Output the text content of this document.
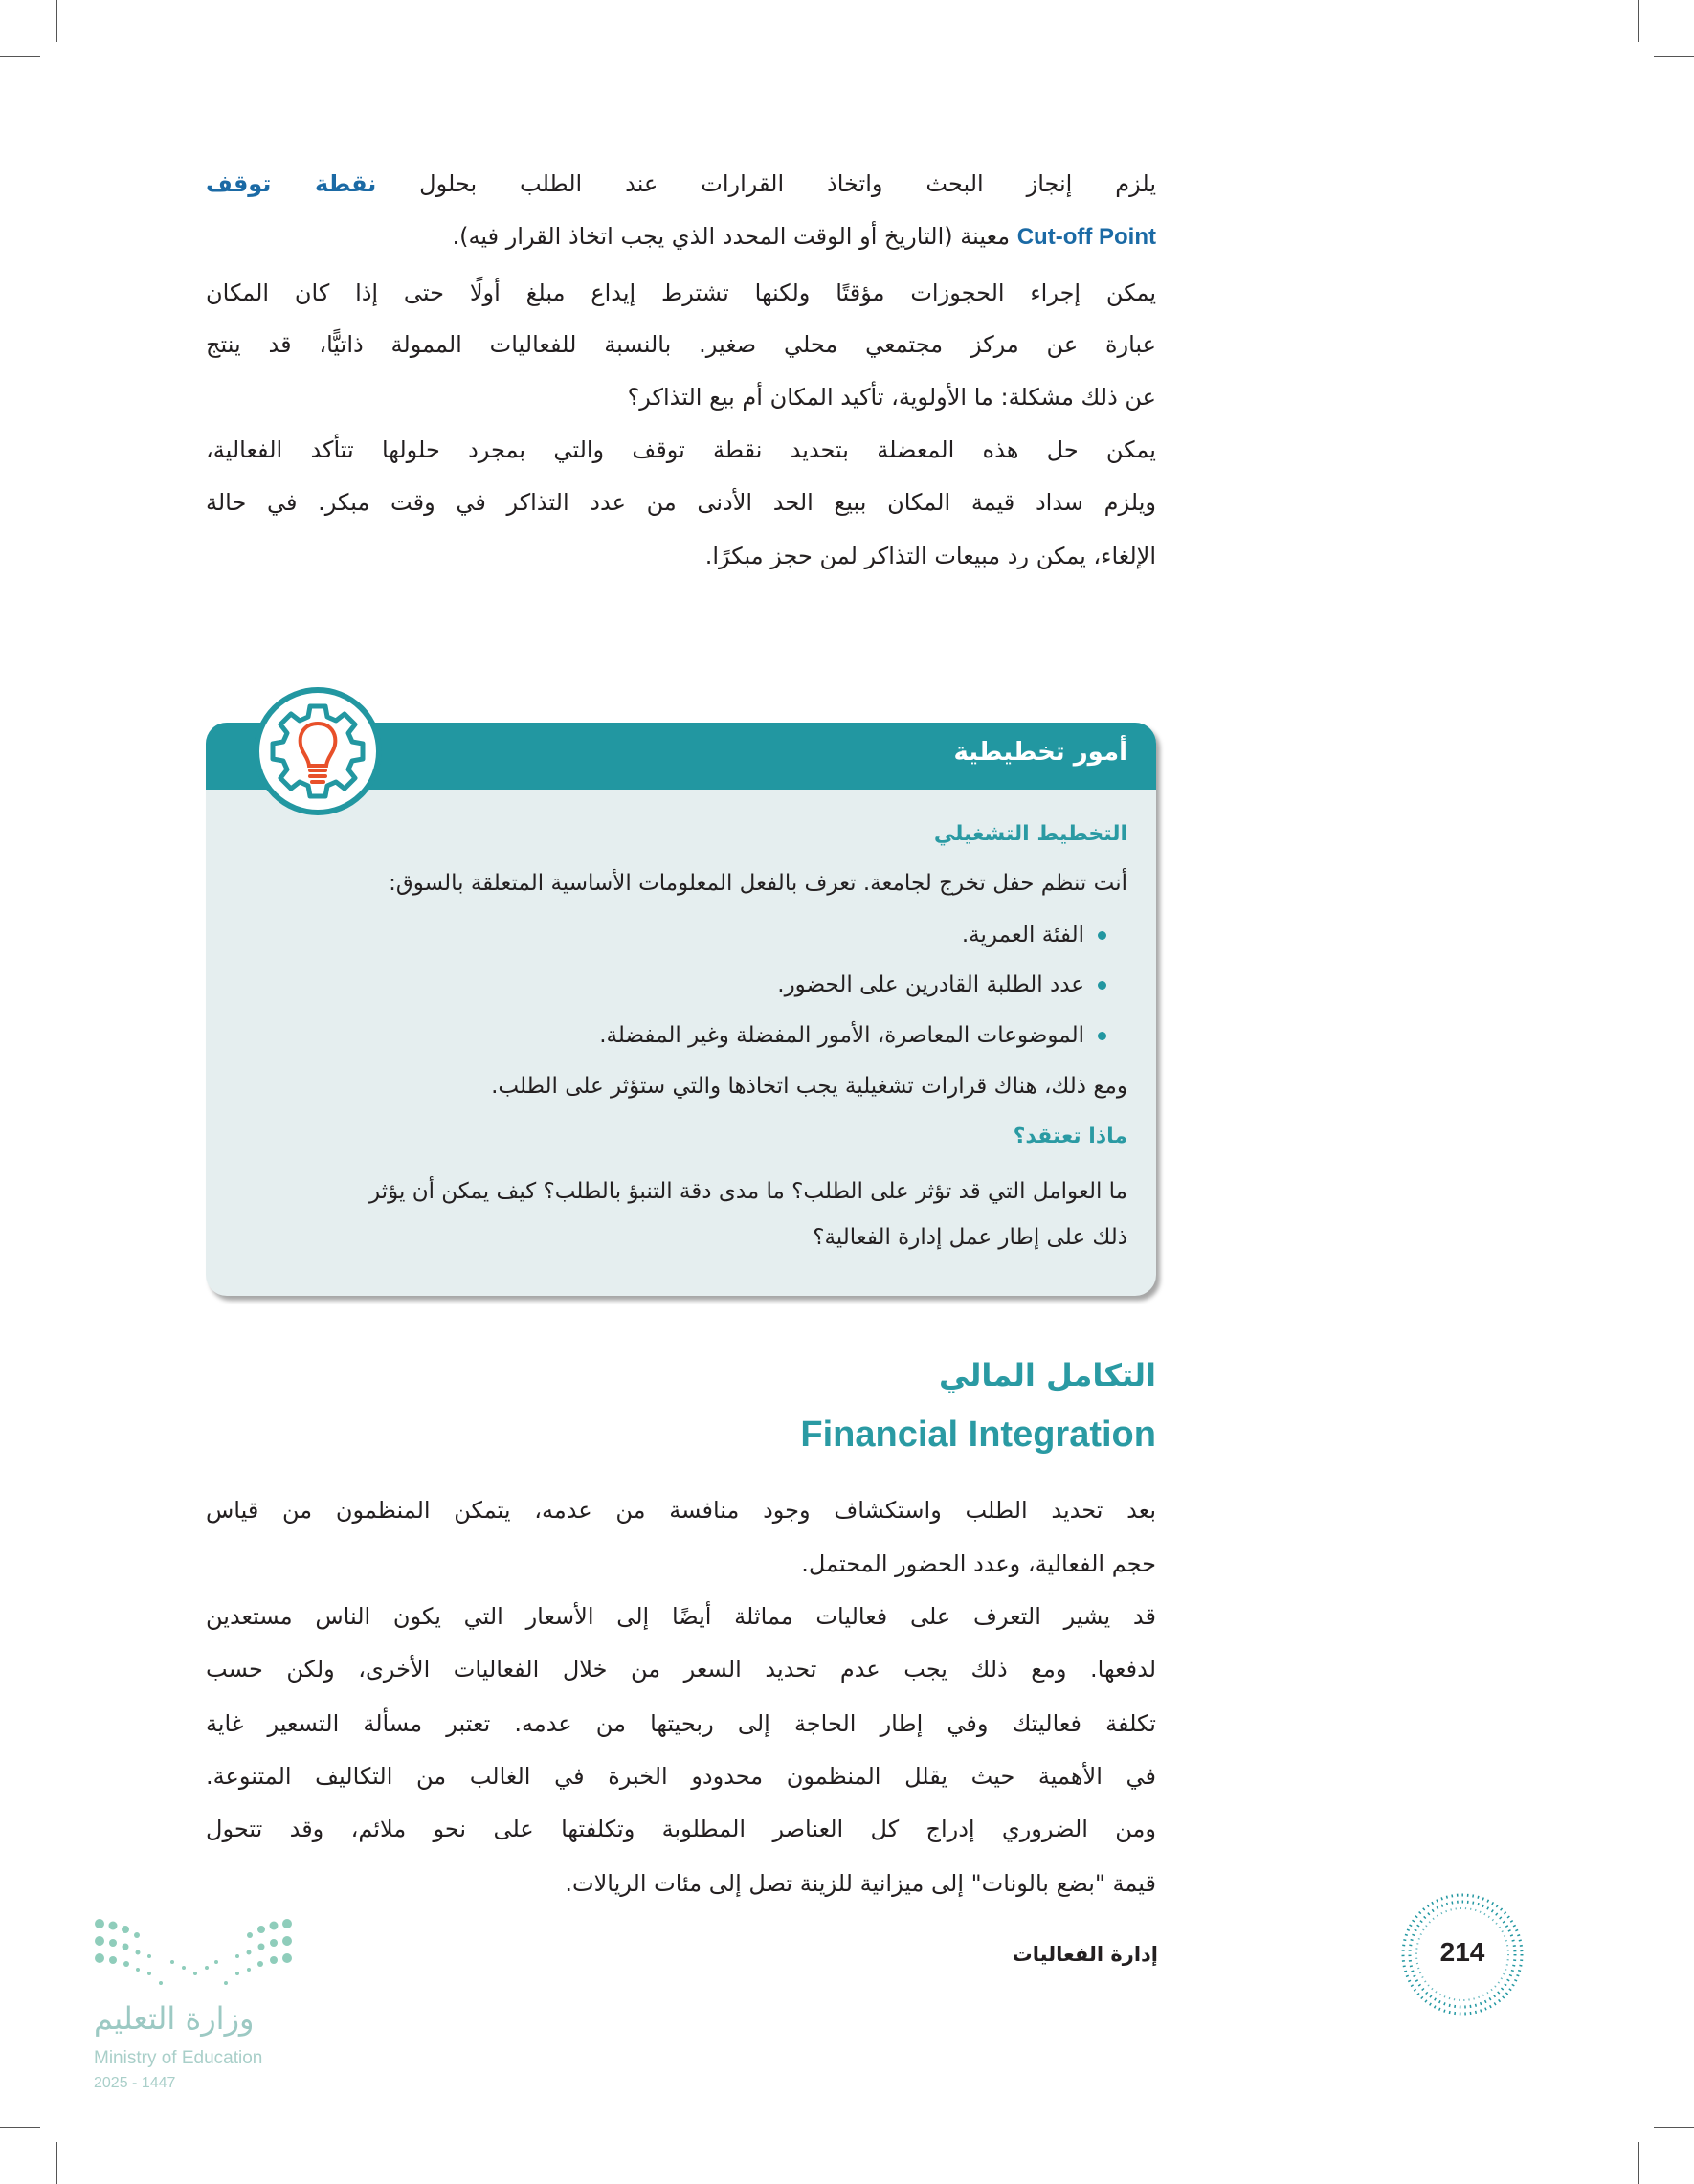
يلزم إنجاز البحث واتخاذ القرارات عند الطلب بحلول نقطة توقف
Cut-off Point معينة (التاريخ أو الوقت المحدد الذي يجب اتخاذ القرار فيه).
يمكن إجراء الحجوزات مؤقتًا ولكنها تشترط إيداع مبلغ أولًا حتى إذا كان المكان
عبارة عن مركز مجتمعي محلي صغير. بالنسبة للفعاليات الممولة ذاتيًّا، قد ينتج
عن ذلك مشكلة: ما الأولوية، تأكيد المكان أم بيع التذاكر؟
يمكن حل هذه المعضلة بتحديد نقطة توقف والتي بمجرد حلولها تتأكد الفعالية،
ويلزم سداد قيمة المكان ببيع الحد الأدنى من عدد التذاكر في وقت مبكر. في حالة
الإلغاء، يمكن رد مبيعات التذاكر لمن حجز مبكرًا.
أمور تخطيطية
التخطيط التشغيلي
أنت تنظم حفل تخرج لجامعة. تعرف بالفعل المعلومات الأساسية المتعلقة بالسوق:
الفئة العمرية.
عدد الطلبة القادرين على الحضور.
الموضوعات المعاصرة، الأمور المفضلة وغير المفضلة.
ومع ذلك، هناك قرارات تشغيلية يجب اتخاذها والتي ستؤثر على الطلب.
ماذا تعتقد؟
ما العوامل التي قد تؤثر على الطلب؟ ما مدى دقة التنبؤ بالطلب؟ كيف يمكن أن يؤثر
ذلك على إطار عمل إدارة الفعالية؟
التكامل المالي
Financial Integration
بعد تحديد الطلب واستكشاف وجود منافسة من عدمه، يتمكن المنظمون من قياس
حجم الفعالية، وعدد الحضور المحتمل.
قد يشير التعرف على فعاليات مماثلة أيضًا إلى الأسعار التي يكون الناس مستعدين
لدفعها. ومع ذلك يجب عدم تحديد السعر من خلال الفعاليات الأخرى، ولكن حسب
تكلفة فعاليتك وفي إطار الحاجة إلى ربحيتها من عدمه. تعتبر مسألة التسعير غاية
في الأهمية حيث يقلل المنظمون محدودو الخبرة في الغالب من التكاليف المتنوعة.
ومن الضروري إدراج كل العناصر المطلوبة وتكلفتها على نحو ملائم، وقد تتحول
قيمة "بضع بالونات" إلى ميزانية للزينة تصل إلى مئات الريالات.
إدارة الفعاليات	214
وزارة التعليم
Ministry of Education
2025 - 1447
